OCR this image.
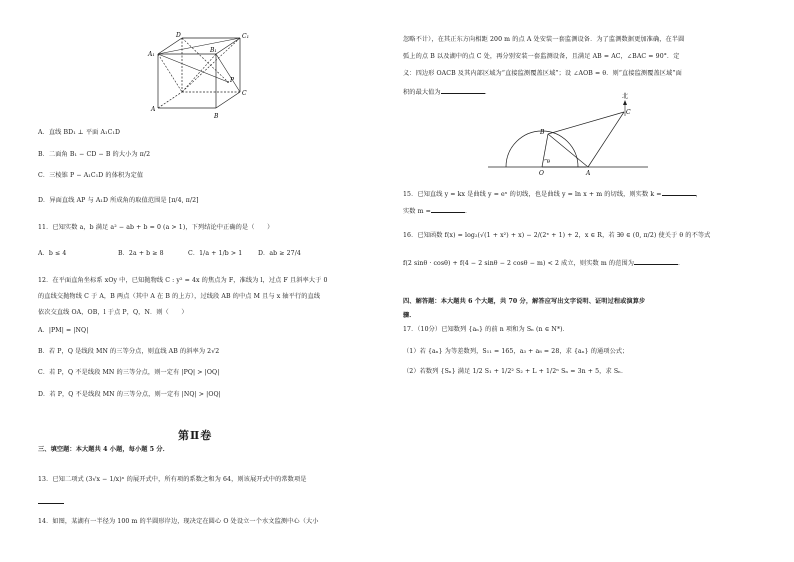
D	C₁
A₁
B₁
C
A
B
P
A．直线 BD₁ ⊥ 平面 A₁C₁D
B．二面角 B₁ − CD − B 的大小为 π/2
C．三棱锥 P − A₁C₁D 的体积为定值
D．异面直线 AP 与 A₁D 所成角的取值范围是 [π/4, π/2]
11．已知实数 a，b 满足 a² − ab + b = 0 (a > 1)，下列结论中正确的是（　　）
A．b ≤ 4	B．2a + b ≥ 8	C．1/a + 1/b > 1	D．ab ≥ 27/4
12．在平面直角坐标系 xOy 中，已知抛物线 C : y² = 4x 的焦点为 F，准线为 l，过点 F 且斜率大于 0
的直线交抛物线 C 于 A，B 两点（其中 A 在 B 的上方），过线段 AB 的中点 M 且与 x 轴平行的直线
依次交直线 OA，OB，l 于点 P，Q，N．则（　　）
A．|PM| = |NQ|
B．若 P，Q 是线段 MN 的三等分点，则直线 AB 的斜率为 2√2
C．若 P，Q 不是线段 MN 的三等分点，则一定有 |PQ| > |OQ|
D．若 P，Q 不是线段 MN 的三等分点，则一定有 |NQ| > |OQ|
第Ⅱ卷
三、填空题：本大题共 4 小题，每小题 5 分．
13．已知二项式 (3√x − 1/x)ⁿ 的展开式中，所有项的系数之和为 64，则该展开式中的常数项是
14．如图，某湖有一半径为 100 m 的半圆形岸边，现决定在圆心 O 处设立一个水文监测中心（大小
忽略不计），在其正东方向相距 200 m 的点 A 处安装一套监测设备．为了监测数据更加准确，在半圆
弧上的点 B 以及湖中的点 C 处，再分别安装一套监测设备，且满足 AB = AC，∠BAC = 90°．定
义：四边形 OACB 及其内部区域为“直接监测覆盖区域”；设 ∠AOB = θ．则“直接监测覆盖区域”面
积的最大值为	．
北
C
B
O	A
θ
15．已知直线 y = kx 是曲线 y = eˣ 的切线，也是曲线 y = ln x + m 的切线，则实数 k =	，
实数 m =	．
16．已知函数 f(x) = log₂(√(1 + x²) + x) − 2/(2ˣ + 1) + 2，x ∈ R，若 ∃θ ∈ (0, π/2) 使关于 θ 的不等式
f(2 sinθ · cosθ) + f(4 − 2 sinθ − 2 cosθ − m) < 2 成立，则实数 m 的范围为	．
四、解答题：本大题共 6 个大题，共 70 分，解答应写出文字说明、证明过程或演算步
骤．
17．（10分）已知数列 {aₙ} 的前 n 项和为 Sₙ (n ∈ N*)．
（1）若 {aₙ} 为等差数列，S₁₁ = 165，a₃ + a₈ = 28，求 {aₙ} 的通项公式；
（2）若数列 {Sₙ} 满足 1/2 S₁ + 1/2² S₂ + L + 1/2ⁿ Sₙ = 3n + 5，求 Sₙ．
